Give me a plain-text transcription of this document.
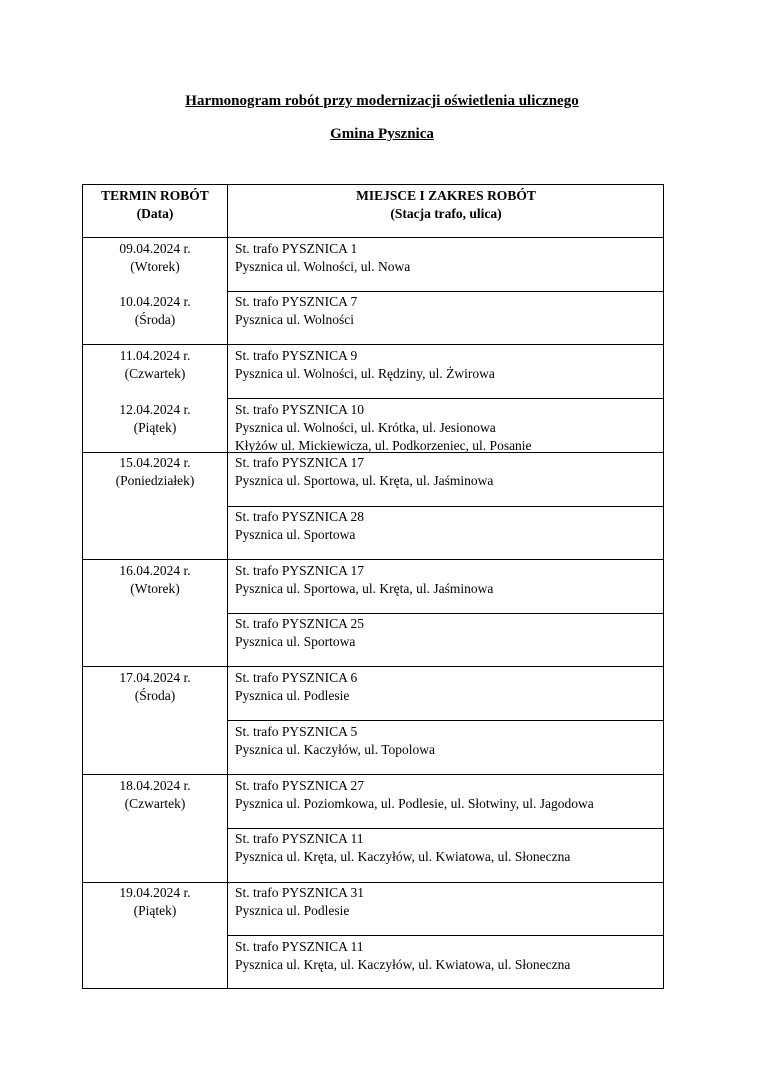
Harmonogram robót przy modernizacji oświetlenia ulicznego
Gmina Pysznica
TERMIN ROBÓT
(Data)
MIEJSCE I ZAKRES ROBÓT
(Stacja trafo, ulica)
09.04.2024 r.
(Wtorek)
10.04.2024 r.
(Środa)
11.04.2024 r.
(Czwartek)
12.04.2024 r.
(Piątek)
15.04.2024 r.
(Poniedziałek)
16.04.2024 r.
(Wtorek)
17.04.2024 r.
(Środa)
18.04.2024 r.
(Czwartek)
19.04.2024 r.
(Piątek)
St. trafo PYSZNICA 1
Pysznica ul. Wolności, ul. Nowa
St. trafo PYSZNICA 7
Pysznica ul. Wolności
St. trafo PYSZNICA 9
Pysznica ul. Wolności, ul. Rędziny, ul. Żwirowa
St. trafo PYSZNICA 10
Pysznica ul. Wolności, ul. Krótka, ul. Jesionowa
Kłyżów ul. Mickiewicza, ul. Podkorzeniec, ul. Posanie
St. trafo PYSZNICA 17
Pysznica ul. Sportowa, ul. Kręta, ul. Jaśminowa
St. trafo PYSZNICA 28
Pysznica ul. Sportowa
St. trafo PYSZNICA 17
Pysznica ul. Sportowa, ul. Kręta, ul. Jaśminowa
St. trafo PYSZNICA 25
Pysznica ul. Sportowa
St. trafo PYSZNICA 6
Pysznica ul. Podlesie
St. trafo PYSZNICA 5
Pysznica ul. Kaczyłów, ul. Topolowa
St. trafo PYSZNICA 27
Pysznica ul. Poziomkowa, ul. Podlesie, ul. Słotwiny, ul. Jagodowa
St. trafo PYSZNICA 11
Pysznica ul. Kręta, ul. Kaczyłów, ul. Kwiatowa, ul. Słoneczna
St. trafo PYSZNICA 31
Pysznica ul. Podlesie
St. trafo PYSZNICA 11
Pysznica ul. Kręta, ul. Kaczyłów, ul. Kwiatowa, ul. Słoneczna
